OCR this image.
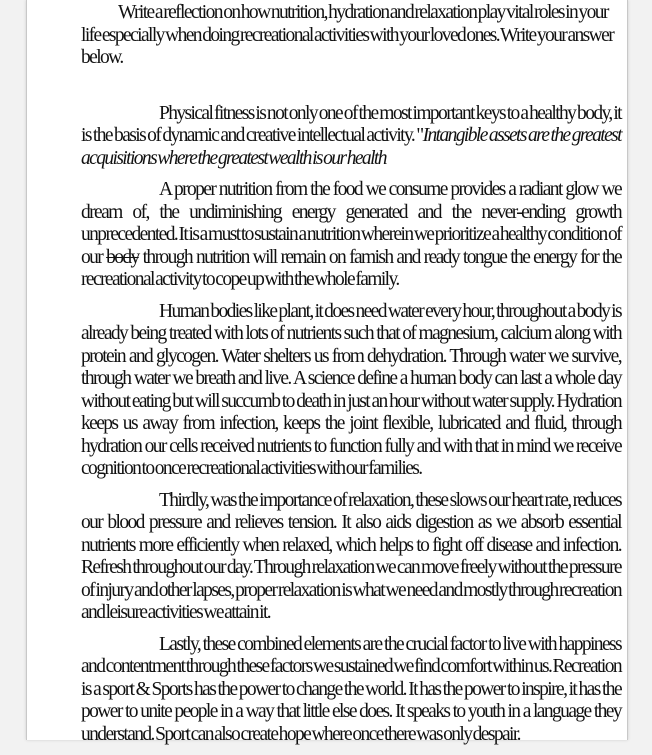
Write a reflection on how nutrition, hydration and relaxation play vital roles in your life especially when doing recreational activities with your loved ones. Write your answer below.

Physical fitness is not only one of the most important keys to a healthy body, it is the basis of dynamic and creative intellectual activity. "Intangible assets are the greatest acquisitions where the greatest wealth is our health

A proper nutrition from the food we consume provides a radiant glow we dream of, the undiminishing energy generated and the never-ending growth unprecedented. It is a must to sustain a nutrition wherein we prioritize a healthy condition of our body through nutrition will remain on famish and ready tongue the energy for the recreational activity to cope up with the whole family.

Human bodies like plant, it does need water every hour, throughout a body is already being treated with lots of nutrients such that of magnesium, calcium along with protein and glycogen. Water shelters us from dehydration. Through water we survive, through water we breath and live. A science define a human body can last a whole day without eating but will succumb to death in just an hour without water supply. Hydration keeps us away from infection, keeps the joint flexible, lubricated and fluid, through hydration our cells received nutrients to function fully and with that in mind we receive cognition to once recreational activities with our families.

Thirdly, was the importance of relaxation, these slows our heart rate, reduces our blood pressure and relieves tension. It also aids digestion as we absorb essential nutrients more efficiently when relaxed, which helps to fight off disease and infection. Refresh throughout our day. Through relaxation we can move freely without the pressure of injury and other lapses, proper relaxation is what we need and mostly through recreation and leisure activities we attain it.

Lastly, these combined elements are the crucial factor to live with happiness and contentment through these factors we sustained we find comfort within us. Recreation is a sport & Sports has the power to change the world. It has the power to inspire, it has the power to unite people in a way that little else does. It speaks to youth in a language they understand. Sport can also create hope where once there was only despair.
